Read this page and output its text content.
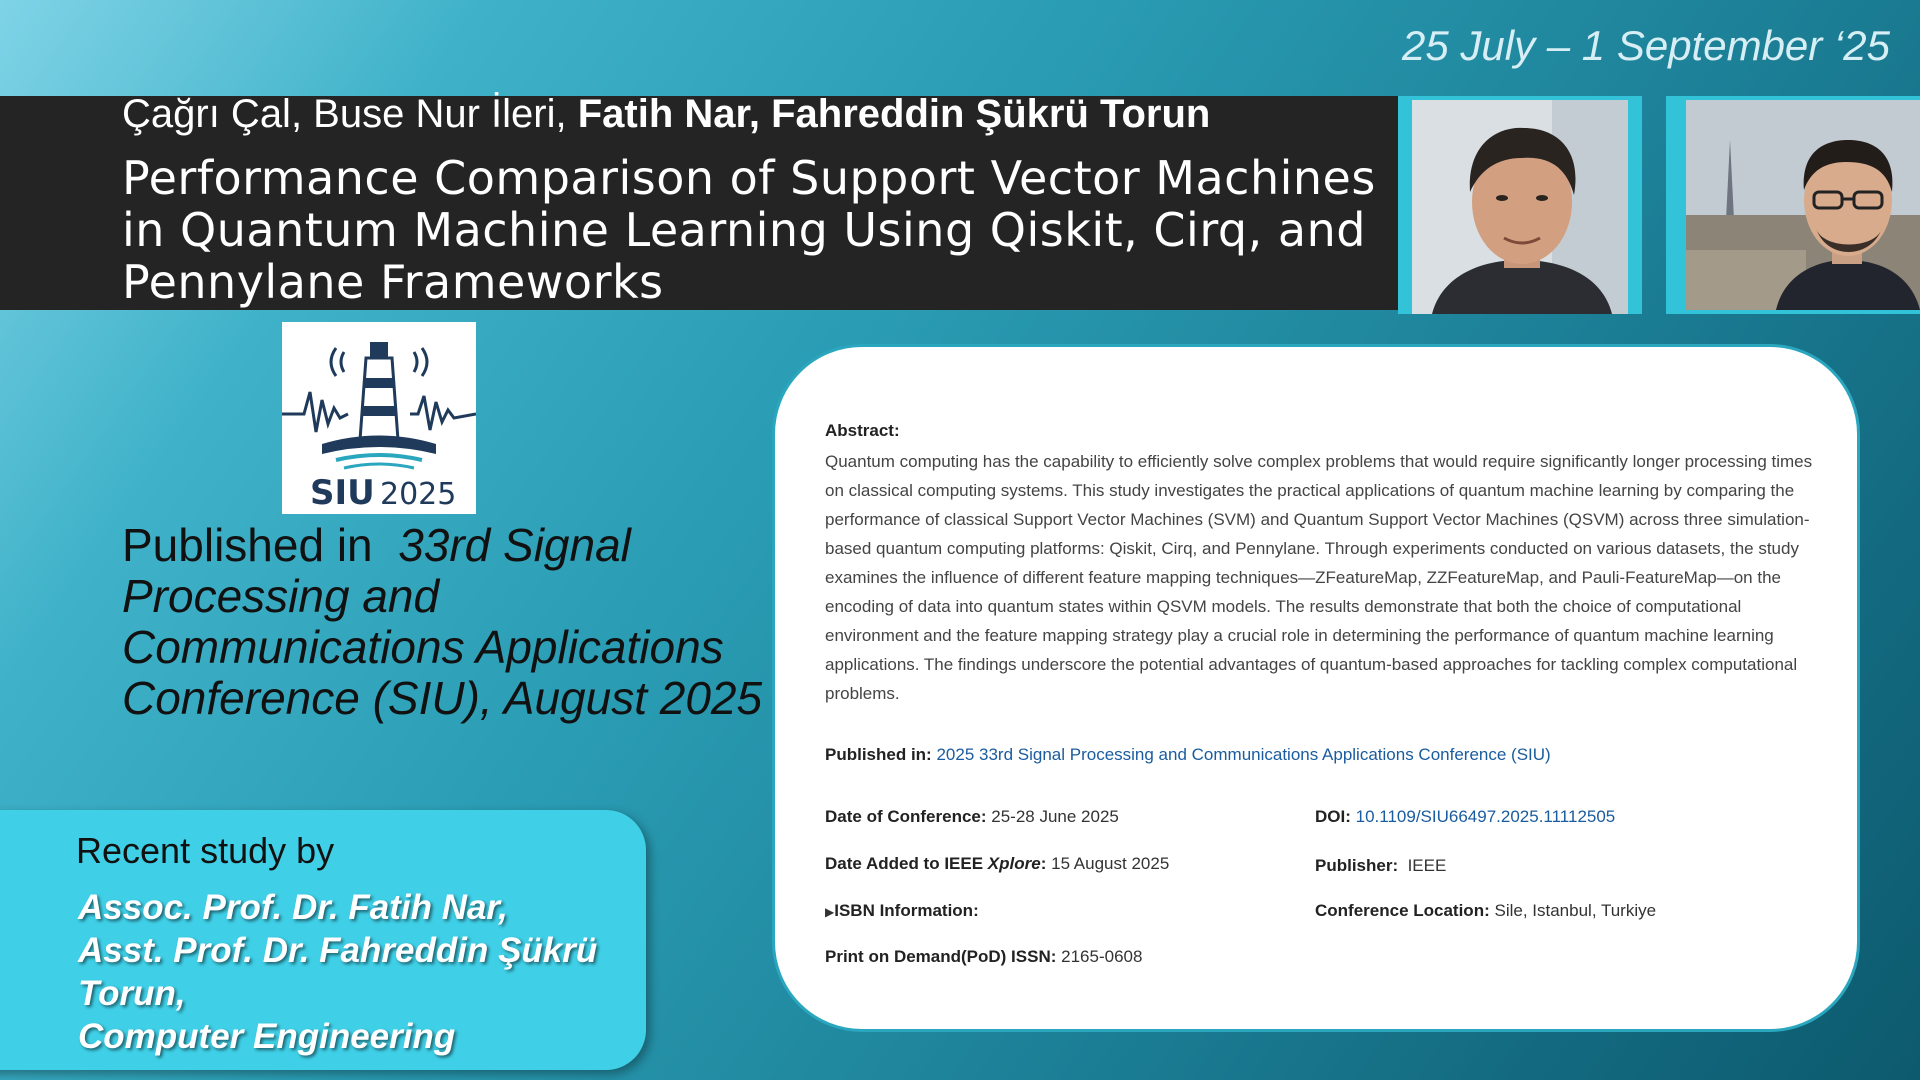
25 July – 1 September ‘25
Çağrı Çal, Buse Nur İleri, Fatih Nar, Fahreddin Şükrü Torun
Performance Comparison of Support Vector Machines in Quantum Machine Learning Using Qiskit, Cirq, and Pennylane Frameworks
SIU 2025
Published in 33rd Signal Processing and Communications Applications Conference (SIU), August 2025
Recent study by
Assoc. Prof. Dr. Fatih Nar,
Asst. Prof. Dr. Fahreddin Şükrü
Torun,
Computer Engineering
Abstract:
Quantum computing has the capability to efficiently solve complex problems that would require significantly longer processing times on classical computing systems. This study investigates the practical applications of quantum machine learning by comparing the performance of classical Support Vector Machines (SVM) and Quantum Support Vector Machines (QSVM) across three simulation-based quantum computing platforms: Qiskit, Cirq, and Pennylane. Through experiments conducted on various datasets, the study examines the influence of different feature mapping techniques—ZFeatureMap, ZZFeatureMap, and Pauli-FeatureMap—on the encoding of data into quantum states within QSVM models. The results demonstrate that both the choice of computational environment and the feature mapping strategy play a crucial role in determining the performance of quantum machine learning applications. The findings underscore the potential advantages of quantum-based approaches for tackling complex computational problems.
Published in: 2025 33rd Signal Processing and Communications Applications Conference (SIU)
Date of Conference: 25-28 June 2025	DOI: 10.1109/SIU66497.2025.11112505
Date Added to IEEE Xplore: 15 August 2025	Publisher: IEEE
▶ISBN Information:	Conference Location: Sile, Istanbul, Turkiye
Print on Demand(PoD) ISSN: 2165-0608
